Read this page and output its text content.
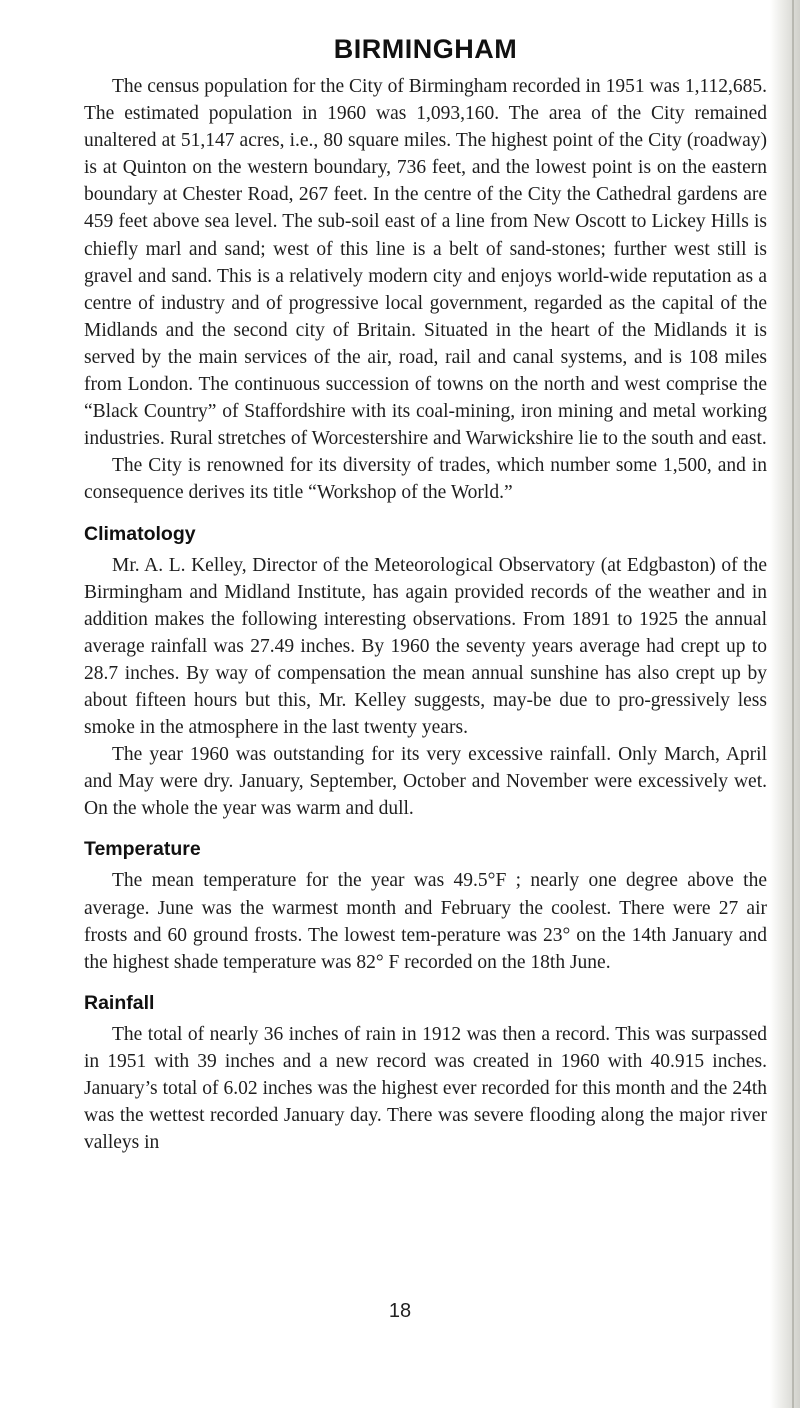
BIRMINGHAM

The census population for the City of Birmingham recorded in 1951 was 1,112,685. The estimated population in 1960 was 1,093,160. The area of the City remained unaltered at 51,147 acres, i.e., 80 square miles. The highest point of the City (roadway) is at Quinton on the western boundary, 736 feet, and the lowest point is on the eastern boundary at Chester Road, 267 feet. In the centre of the City the Cathedral gardens are 459 feet above sea level. The sub-soil east of a line from New Oscott to Lickey Hills is chiefly marl and sand; west of this line is a belt of sand-stones; further west still is gravel and sand. This is a relatively modern city and enjoys world-wide reputation as a centre of industry and of progressive local government, regarded as the capital of the Midlands and the second city of Britain. Situated in the heart of the Midlands it is served by the main services of the air, road, rail and canal systems, and is 108 miles from London. The continuous succession of towns on the north and west comprise the “Black Country” of Staffordshire with its coal-mining, iron mining and metal working industries. Rural stretches of Worcestershire and Warwickshire lie to the south and east.

The City is renowned for its diversity of trades, which number some 1,500, and in consequence derives its title “Workshop of the World.”

Climatology

Mr. A. L. Kelley, Director of the Meteorological Observatory (at Edgbaston) of the Birmingham and Midland Institute, has again provided records of the weather and in addition makes the following interesting observations. From 1891 to 1925 the annual average rainfall was 27.49 inches. By 1960 the seventy years average had crept up to 28.7 inches. By way of compensation the mean annual sunshine has also crept up by about fifteen hours but this, Mr. Kelley suggests, may-be due to pro-gressively less smoke in the atmosphere in the last twenty years.

The year 1960 was outstanding for its very excessive rainfall. Only March, April and May were dry. January, September, October and November were excessively wet. On the whole the year was warm and dull.

Temperature

The mean temperature for the year was 49.5°F ; nearly one degree above the average. June was the warmest month and February the coolest. There were 27 air frosts and 60 ground frosts. The lowest tem-perature was 23° on the 14th January and the highest shade temperature was 82° F recorded on the 18th June.

Rainfall

The total of nearly 36 inches of rain in 1912 was then a record. This was surpassed in 1951 with 39 inches and a new record was created in 1960 with 40.915 inches. January’s total of 6.02 inches was the highest ever recorded for this month and the 24th was the wettest recorded January day. There was severe flooding along the major river valleys in

18
